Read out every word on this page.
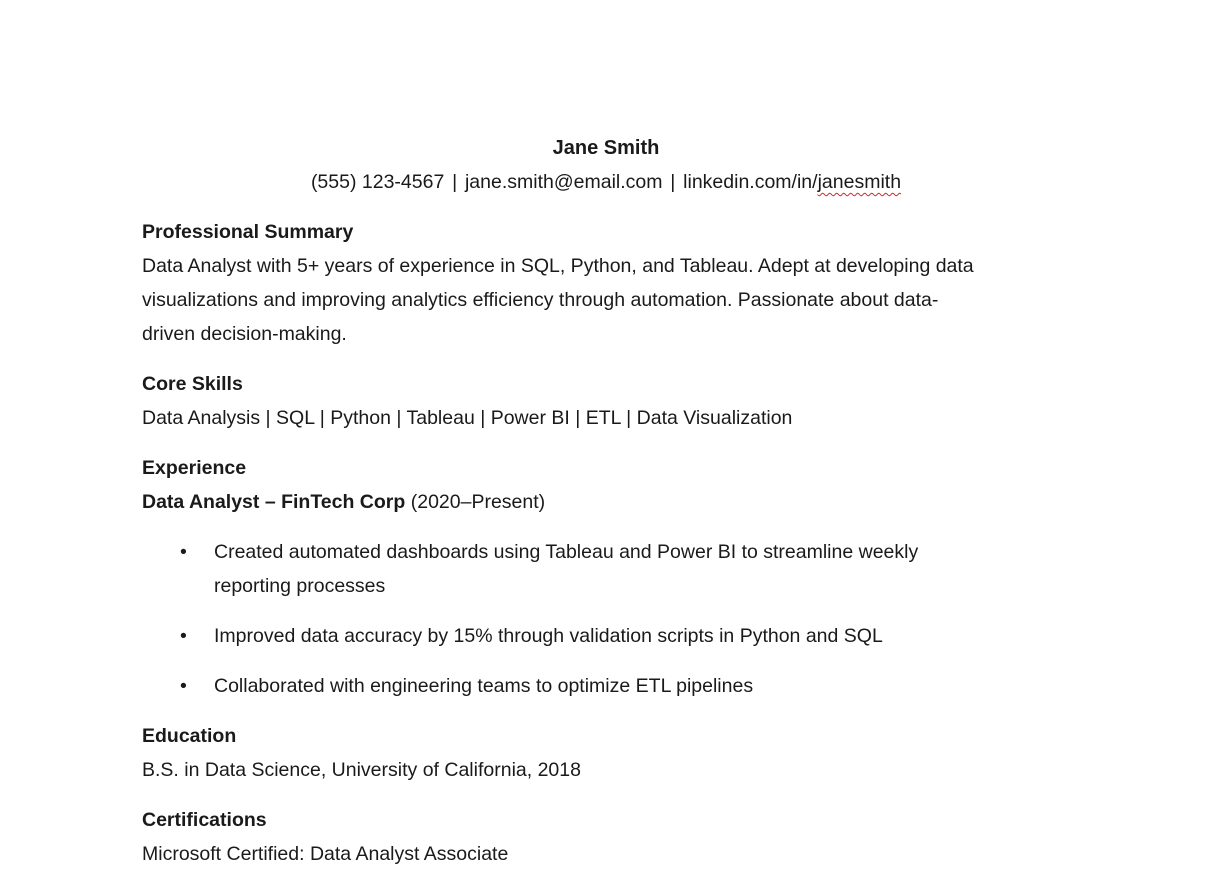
Jane Smith
(555) 123-4567 | jane.smith@email.com | linkedin.com/in/janesmith
Professional Summary
Data Analyst with 5+ years of experience in SQL, Python, and Tableau. Adept at developing data
visualizations and improving analytics efficiency through automation. Passionate about data-
driven decision-making.
Core Skills
Data Analysis | SQL | Python | Tableau | Power BI | ETL | Data Visualization
Experience
Data Analyst – FinTech Corp (2020–Present)
• Created automated dashboards using Tableau and Power BI to streamline weekly
reporting processes
• Improved data accuracy by 15% through validation scripts in Python and SQL
• Collaborated with engineering teams to optimize ETL pipelines
Education
B.S. in Data Science, University of California, 2018
Certifications
Microsoft Certified: Data Analyst Associate
